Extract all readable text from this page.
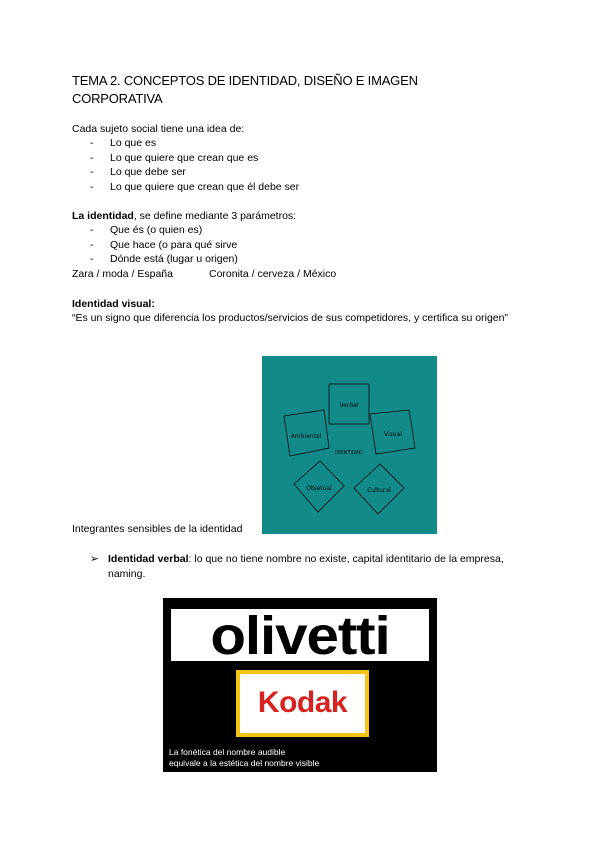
TEMA 2. CONCEPTOS DE IDENTIDAD, DISEÑO E IMAGEN CORPORATIVA
Cada sujeto social tiene una idea de:
- Lo que es
- Lo que quiere que crean que es
- Lo que debe ser
- Lo que quiere que crean que él debe ser
La identidad, se define mediante 3 parámetros:
- Que és (o quien es)
- Que hace (o para qué sirve
- Dónde está (lugar u origen)
Zara / moda / España	Coronita / cerveza / México
Identidad visual:
“Es un signo que diferencia los productos/servicios de sus competidores, y certifica su origen”
Verbal
Ambiental	Visual
IDENTIDAD
Objetual	Cultural
Integrantes sensibles de la identidad
➢ Identidad verbal: lo que no tiene nombre no existe, capital identitario de la empresa, naming.
olivetti
Kodak
La fonética del nombre audible
equivale a la estética del nombre visible
